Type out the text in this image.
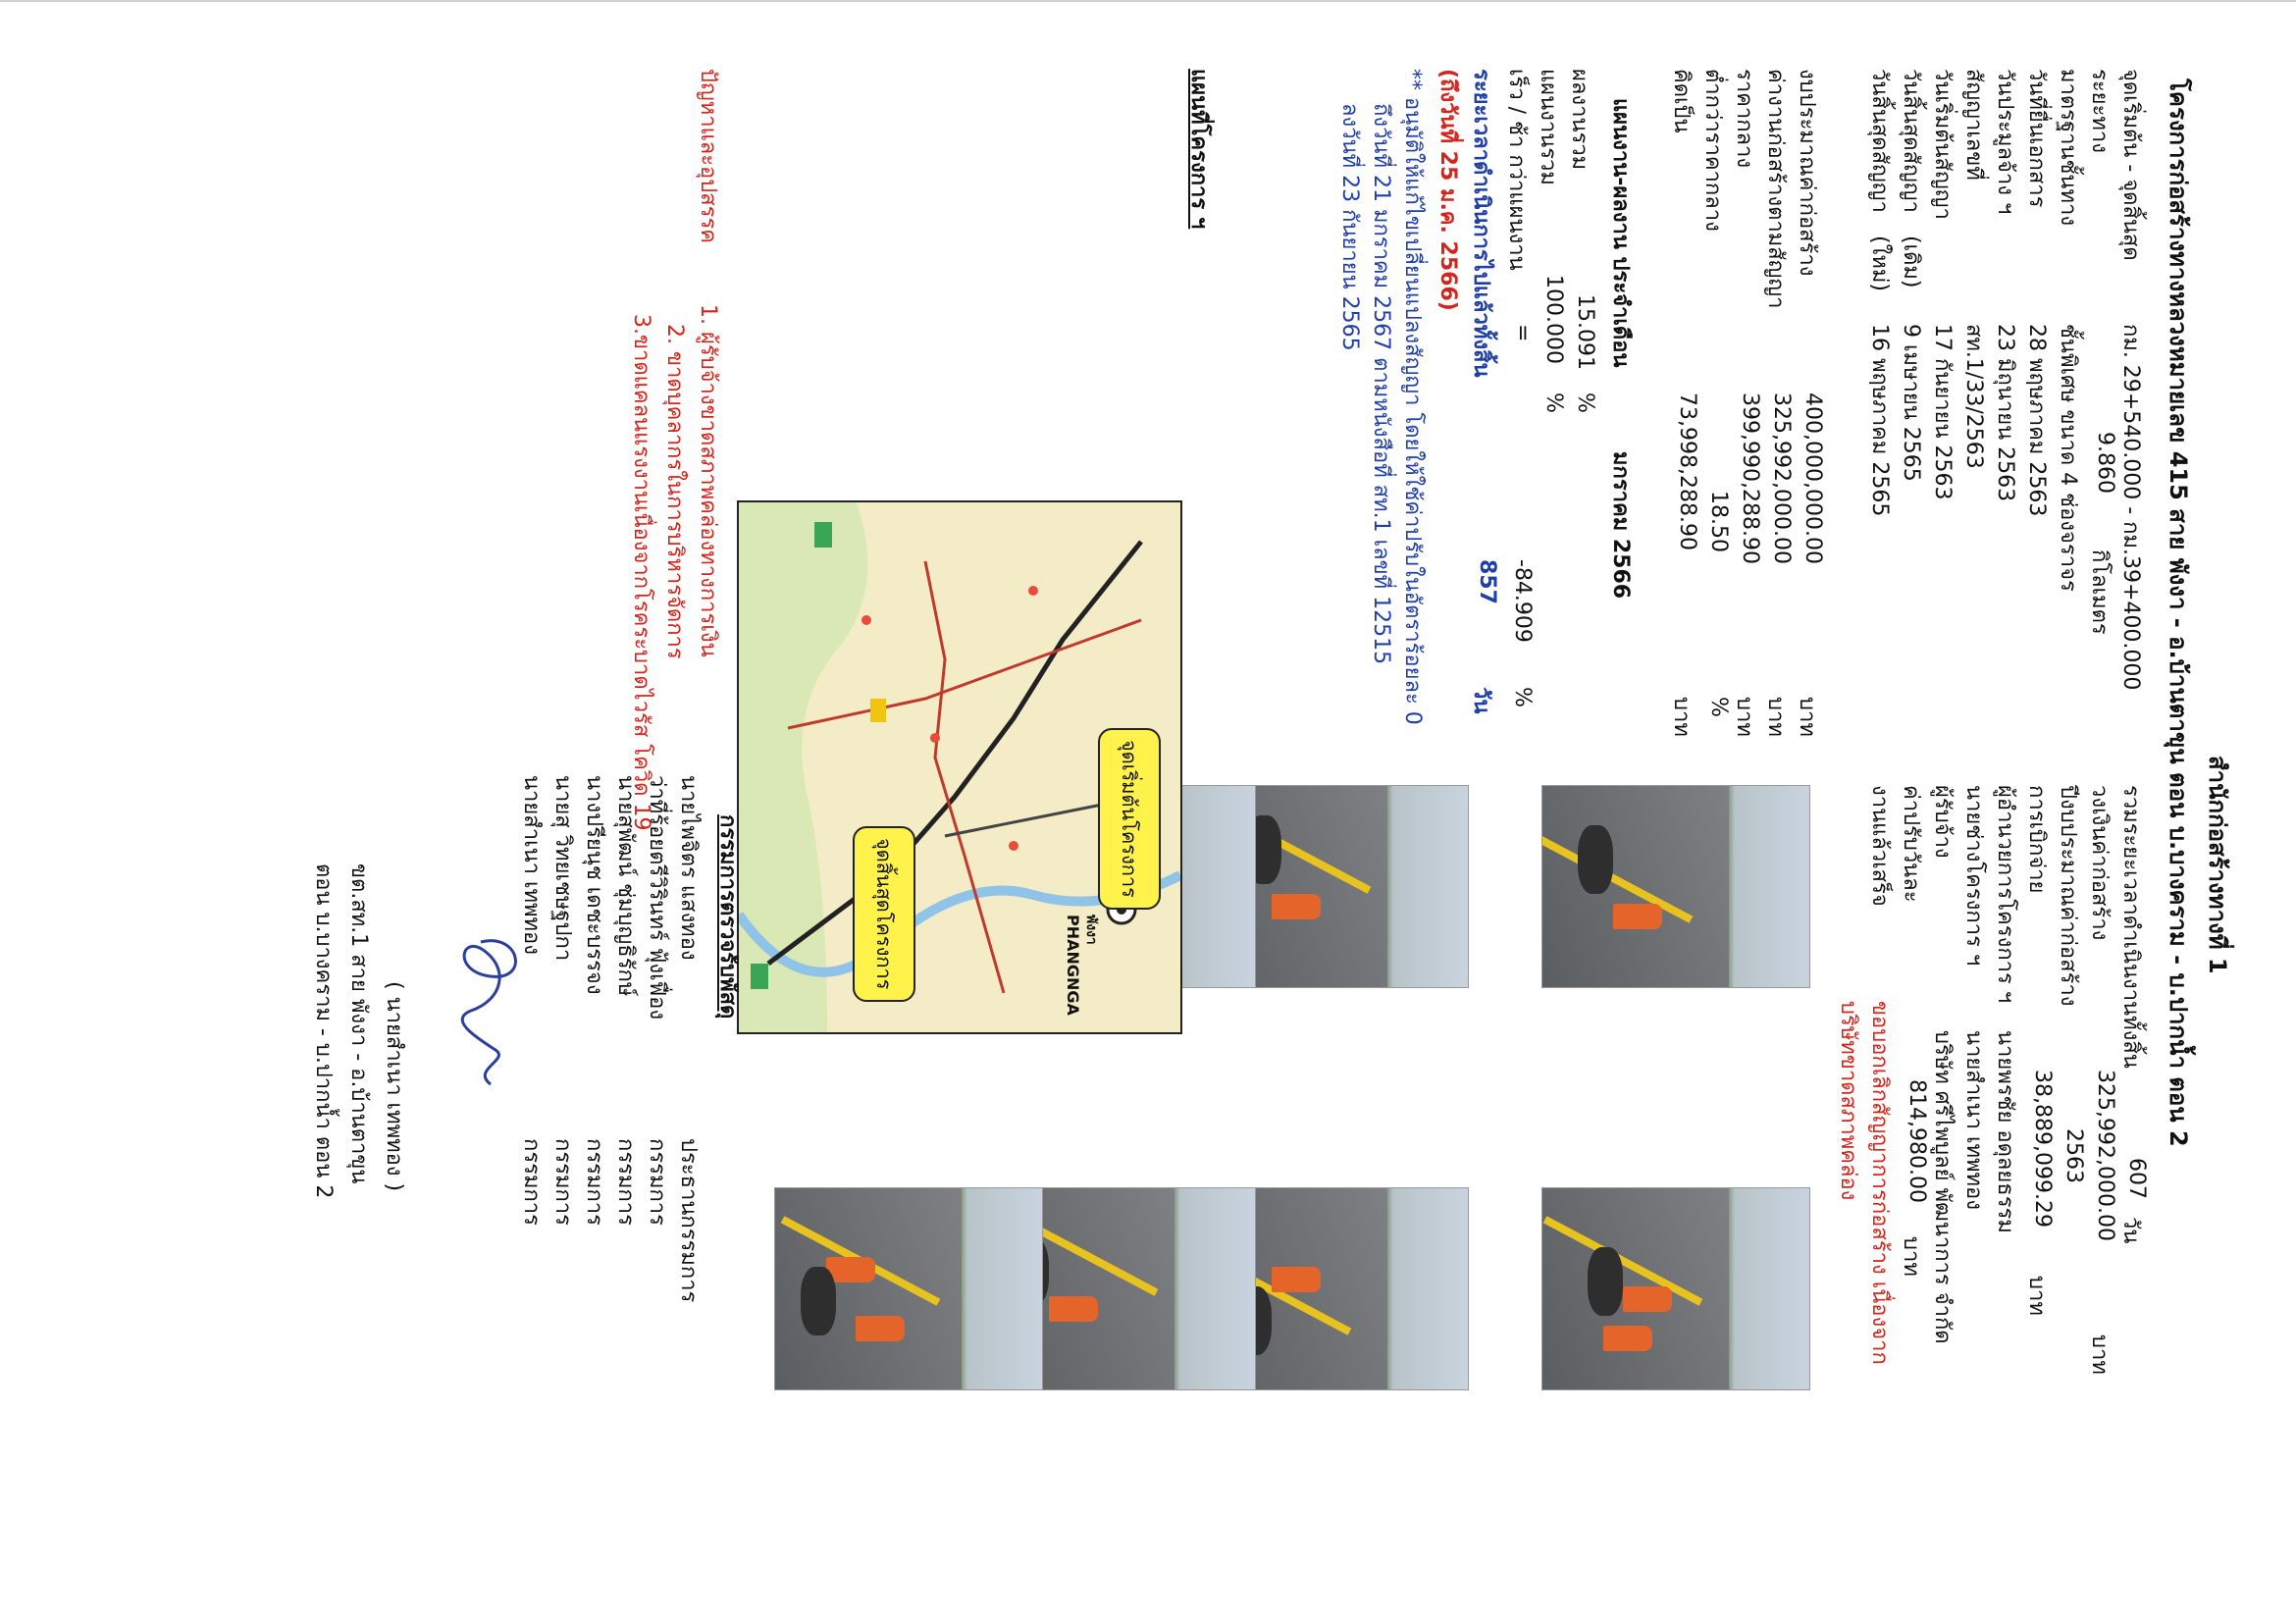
สำนักก่อสร้างทางที่ 1
โครงการก่อสร้างทางหลวงหมายเลข 415 สาย พังงา - อ.บ้านตาขุน ตอน บ.บางคราม - บ.ปากน้ำ ตอน 2
จุดเริ่มต้น - จุดสิ้นสุด
กม. 29+540.000 - กม.39+400.000
ระยะทาง
9.860
กิโลเมตร
มาตรฐานชั้นทาง
ชั้นพิเศษ ขนาด 4 ช่องจราจร
วันที่ยื่นเอกสาร
28 พฤษภาคม 2563
วันประมูลจ้าง ฯ
23 มิถุนายน 2563
สัญญาเลขที่
สท.1/33/2563
วันเริ่มต้นสัญญา
17 กันยายน 2563
วันสิ้นสุดสัญญา
(เดิม)
9 เมษายน 2565
วันสิ้นสุดสัญญา
(ใหม่)
16 พฤษภาคม 2565
รวมระยะเวลาดำเนินงานทั้งสิ้น
607
วัน
วงเงินค่าก่อสร้าง
325,992,000.00
บาท
ปีงบประมาณค่าก่อสร้าง
2563
การเบิกจ่าย
38,889,099.29
บาท
ผู้อำนวยการโครงการ ฯ
นายพรชัย อดุลยธรรม
นายช่างโครงการ ฯ
นายสำเนา เทพทอง
ผู้รับจ้าง
บริษัท ศรีไพบูลย์ พัฒนาการ จำกัด
ค่าปรับวันละ
814,980.00
บาท
งานแล้วเสร็จ
ขอบอกเลิกสัญญาการก่อสร้าง เนื่องจาก
บริษัทขาดสภาพคล่อง
งบประมาณค่าก่อสร้าง
400,000,000.00
บาท
ค่างานก่อสร้างตามสัญญา
325,992,000.00
บาท
ราคากลาง
399,990,288.90
บาท
ต่ำกว่าราคากลาง
18.50
%
คิดเป็น
73,998,288.90
บาท
แผนงาน-ผลงาน ประจำเดือน
มกราคม 2566
ผลงานรวม
15.091
%
แผนงานรวม
100.000
%
เร็ว / ช้า กว่าแผนงาน
=
-84.909
%
ระยะเวลาดำเนินการไปแล้วทั้งสิ้น
857
วัน
(ถึงวันที่ 25 ม.ค. 2566)
** อนุมัติให้แก้ไขเปลี่ยนแปลงสัญญา โดยให้ใช้ค่าปรับในอัตราร้อยละ 0
ถึงวันที่ 21 มกราคม 2567 ตามหนังสือที่ สท.1 เลขที่ 12515
ลงวันที่ 23 กันยายน 2565
แผนที่โครงการ ฯ
PHANGNGA พังงา
จุดเริ่มต้นโครงการ
จุดสิ้นสุดโครงการ
ปัญหาและอุปสรรค
1. ผู้รับจ้างขาดสภาพคล่องทางการเงิน
2. ขาดบุคลากรในการบริหารจัดการ
3.ขาดแคลนแรงงานเนื่องจากโรคระบาดไวรัส โควิด 19
กรรมการตรวจรับพัสดุ
นายไพจิตร แสงทอง
ประธานกรรมการ
ว่าที่ร้อยตรีวิรินทร์ ฟุ้งเฟื่อง
กรรมการ
นายสุพัฒน์ ชุ่มบุญธิรักษ์
กรรมการ
นางปรียนุช เดชะบรรจง
กรรมการ
นายสุ วิทยเชษฐปกา
กรรมการ
นายสำเนา เทพทอง
กรรมการ
( นายสำเนา เทพทอง )
ขต.สท.1 สาย พังงา - อ.บ้านตาขุน
ตอน บ.บางคราม - บ.ปากน้ำ ตอน 2
